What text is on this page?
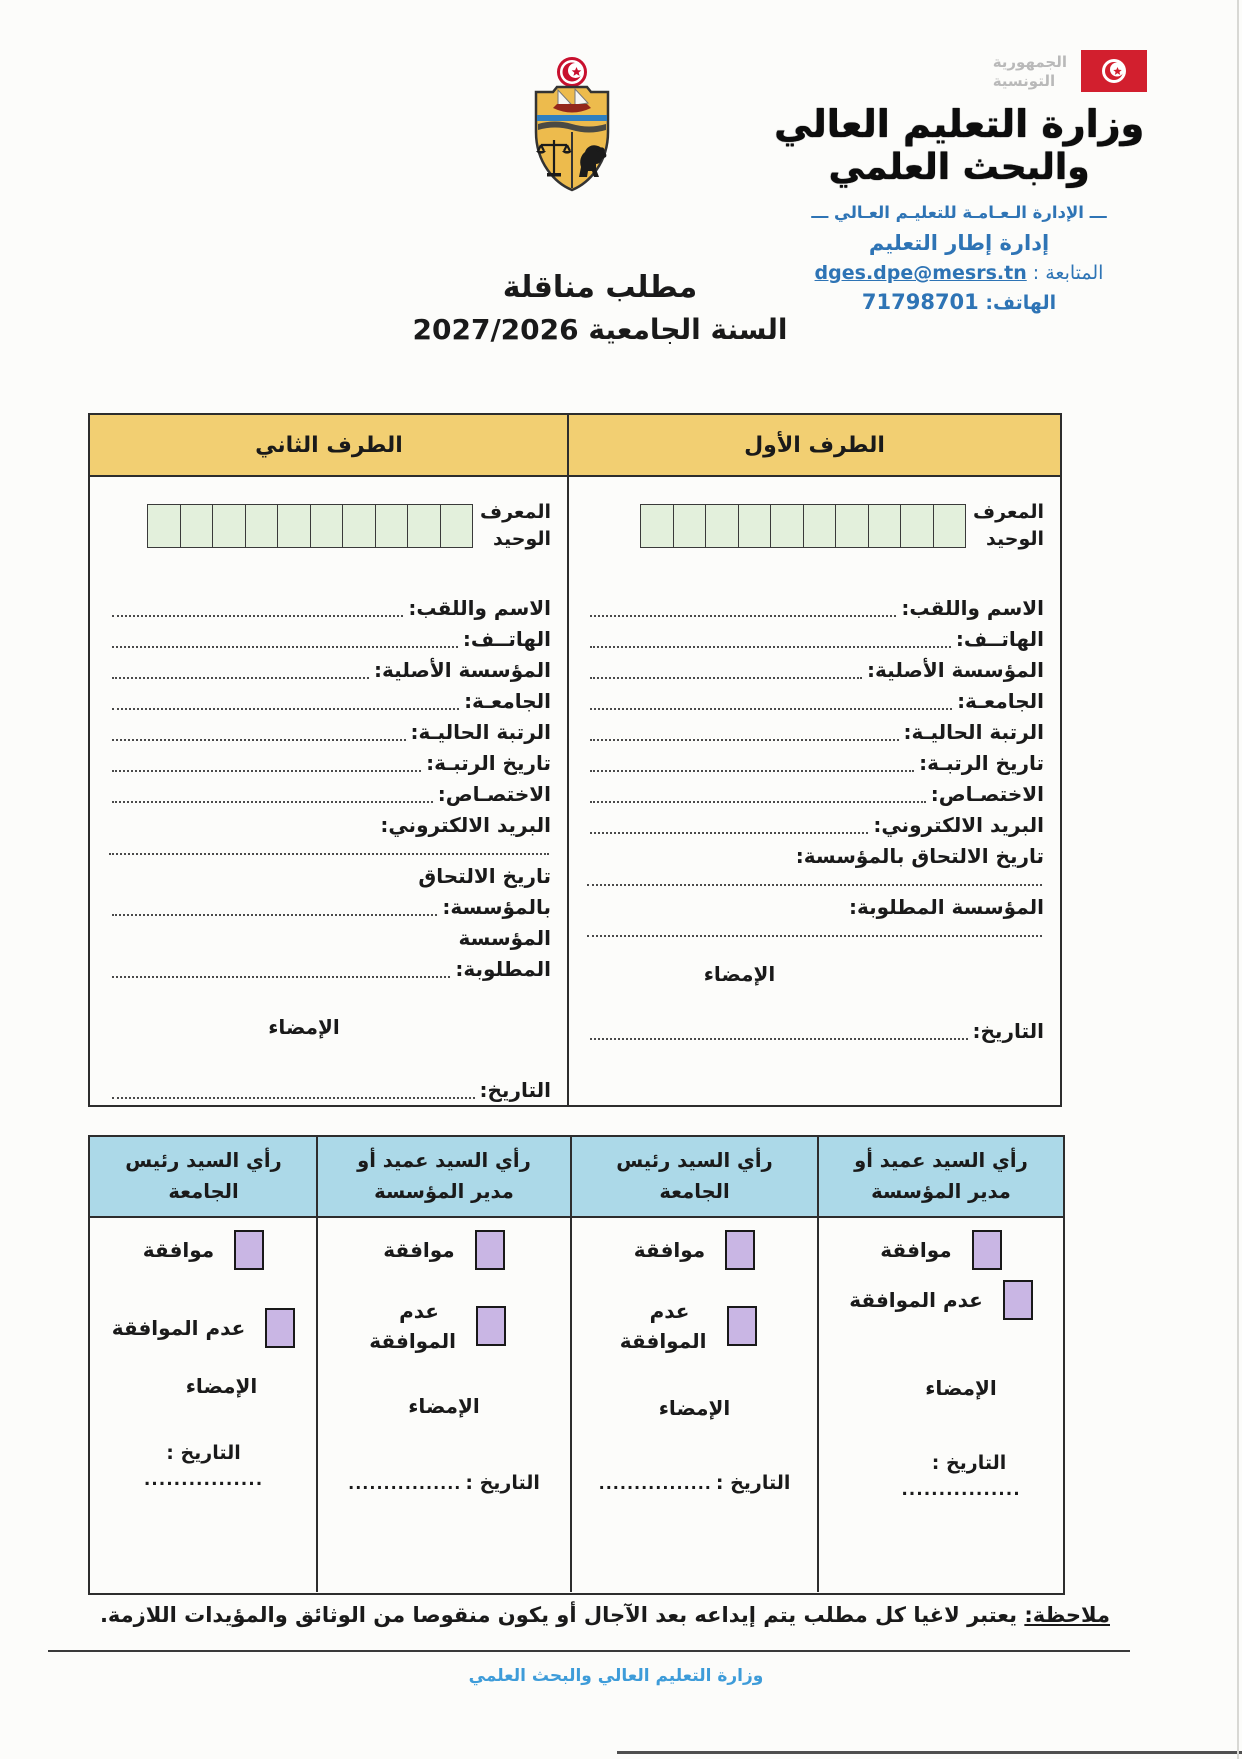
الجمهورية
التونسية
وزارة التعليم العالي
والبحث العلمي
ـــ الإدارة الـعـامـة للتعليـم العـالي ـــ
إدارة إطار التعليم
المتابعة : dges.dpe@mesrs.tn
الهاتف: 71798701
مطلب مناقلة
السنة الجامعية 2027/2026
الطرف الأول
الطرف الثاني
المعرف الوحيد
الاسم واللقب:
الهاتــف:
المؤسسة الأصلية:
الجامعـة:
الرتبة الحاليـة:
تاريخ الرتبـة:
الاختصـاص:
البريد الالكتروني:
تاريخ الالتحاق بالمؤسسة:
المؤسسة المطلوبة:
الإمضاء
التاريخ:
المعرف الوحيد
الاسم واللقب:
الهاتــف:
المؤسسة الأصلية:
الجامعـة:
الرتبة الحاليـة:
تاريخ الرتبـة:
الاختصـاص:
البريد الالكتروني:
تاريخ الالتحاق
بالمؤسسة:
المؤسسة
المطلوبة:
الإمضاء
التاريخ:
رأي السيد عميد أو مدير المؤسسة
رأي السيد رئيس الجامعة
رأي السيد عميد أو مدير المؤسسة
رأي السيد رئيس الجامعة
موافقة
عدم الموافقة
الإمضاء
التاريخ :
................
موافقة
عدم الموافقة
الإمضاء
التاريخ :
................
موافقة
عدم الموافقة
الإمضاء
التاريخ :
................
موافقة
عدم الموافقة
الإمضاء
التاريخ :
................
ملاحظة: يعتبر لاغيا كل مطلب يتم إيداعه بعد الآجال أو يكون منقوصا من الوثائق والمؤيدات اللازمة.
وزارة التعليم العالي والبحث العلمي
